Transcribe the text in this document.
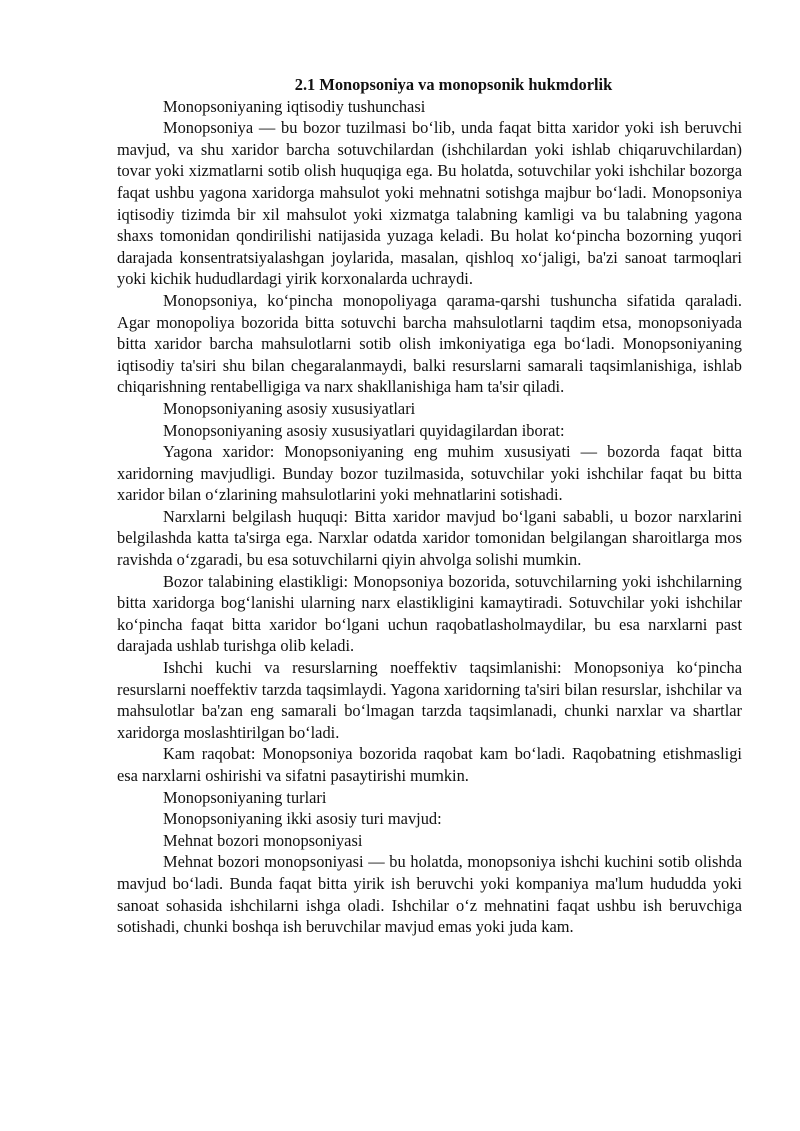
2.1 Monopsoniya va monopsonik hukmdorlik

Monopsoniyaning iqtisodiy tushunchasi

Monopsoniya — bu bozor tuzilmasi bo‘lib, unda faqat bitta xaridor yoki ish beruvchi mavjud, va shu xaridor barcha sotuvchilardan (ishchilardan yoki ishlab chiqaruvchilardan) tovar yoki xizmatlarni sotib olish huquqiga ega. Bu holatda, sotuvchilar yoki ishchilar bozorga faqat ushbu yagona xaridorga mahsulot yoki mehnatni sotishga majbur bo‘ladi. Monopsoniya iqtisodiy tizimda bir xil mahsulot yoki xizmatga talabning kamligi va bu talabning yagona shaxs tomonidan qondirilishi natijasida yuzaga keladi. Bu holat ko‘pincha bozorning yuqori darajada konsentratsiyalashgan joylarida, masalan, qishloq xo‘jaligi, ba'zi sanoat tarmoqlari yoki kichik hududlardagi yirik korxonalarda uchraydi.

Monopsoniya, ko‘pincha monopoliyaga qarama-qarshi tushuncha sifatida qaraladi. Agar monopoliya bozorida bitta sotuvchi barcha mahsulotlarni taqdim etsa, monopsoniyada bitta xaridor barcha mahsulotlarni sotib olish imkoniyatiga ega bo‘ladi. Monopsoniyaning iqtisodiy ta'siri shu bilan chegaralanmaydi, balki resurslarni samarali taqsimlanishiga, ishlab chiqarishning rentabelligiga va narx shakllanishiga ham ta'sir qiladi.

Monopsoniyaning asosiy xususiyatlari

Monopsoniyaning asosiy xususiyatlari quyidagilardan iborat:

Yagona xaridor: Monopsoniyaning eng muhim xususiyati — bozorda faqat bitta xaridorning mavjudligi. Bunday bozor tuzilmasida, sotuvchilar yoki ishchilar faqat bu bitta xaridor bilan o‘zlarining mahsulotlarini yoki mehnatlarini sotishadi.

Narxlarni belgilash huquqi: Bitta xaridor mavjud bo‘lgani sababli, u bozor narxlarini belgilashda katta ta'sirga ega. Narxlar odatda xaridor tomonidan belgilangan sharoitlarga mos ravishda o‘zgaradi, bu esa sotuvchilarni qiyin ahvolga solishi mumkin.

Bozor talabining elastikligi: Monopsoniya bozorida, sotuvchilarning yoki ishchilarning bitta xaridorga bog‘lanishi ularning narx elastikligini kamaytiradi. Sotuvchilar yoki ishchilar ko‘pincha faqat bitta xaridor bo‘lgani uchun raqobatlasholmaydilar, bu esa narxlarni past darajada ushlab turishga olib keladi.

Ishchi kuchi va resurslarning noeffektiv taqsimlanishi: Monopsoniya ko‘pincha resurslarni noeffektiv tarzda taqsimlaydi. Yagona xaridorning ta'siri bilan resurslar, ishchilar va mahsulotlar ba'zan eng samarali bo‘lmagan tarzda taqsimlanadi, chunki narxlar va shartlar xaridorga moslashtirilgan bo‘ladi.

Kam raqobat: Monopsoniya bozorida raqobat kam bo‘ladi. Raqobatning etishmasligi esa narxlarni oshirishi va sifatni pasaytirishi mumkin.

Monopsoniyaning turlari

Monopsoniyaning ikki asosiy turi mavjud:

Mehnat bozori monopsoniyasi

Mehnat bozori monopsoniyasi — bu holatda, monopsoniya ishchi kuchini sotib olishda mavjud bo‘ladi. Bunda faqat bitta yirik ish beruvchi yoki kompaniya ma'lum hududda yoki sanoat sohasida ishchilarni ishga oladi. Ishchilar o‘z mehnatini faqat ushbu ish beruvchiga sotishadi, chunki boshqa ish beruvchilar mavjud emas yoki juda kam.
